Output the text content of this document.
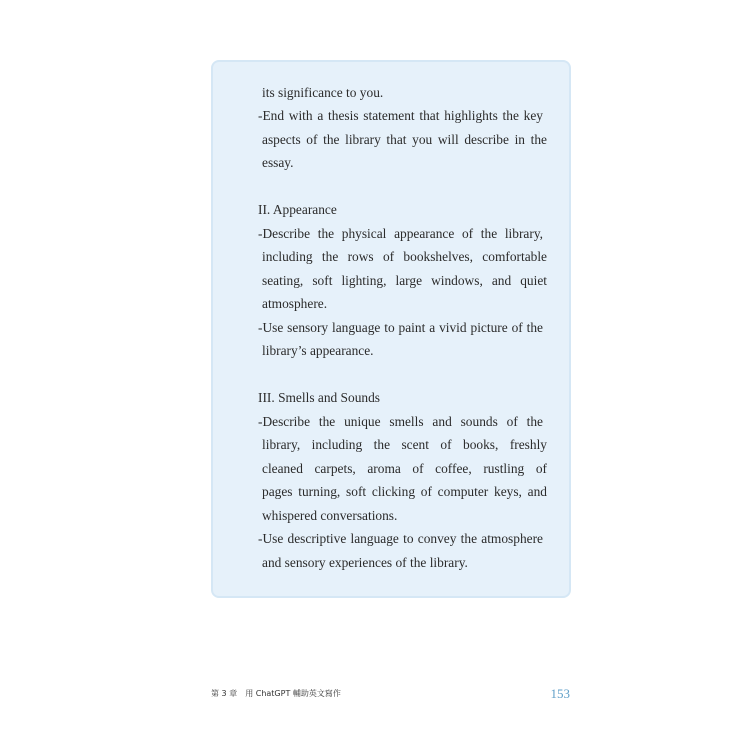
its significance to you.
-End with a thesis statement that highlights the key
aspects of the library that you will describe in the
essay.
II. Appearance
-Describe the physical appearance of the library,
including the rows of bookshelves, comfortable
seating, soft lighting, large windows, and quiet
atmosphere.
-Use sensory language to paint a vivid picture of the
library’s appearance.
III. Smells and Sounds
-Describe the unique smells and sounds of the
library, including the scent of books, freshly
cleaned carpets, aroma of coffee, rustling of
pages turning, soft clicking of computer keys, and
whispered conversations.
-Use descriptive language to convey the atmosphere
and sensory experiences of the library.
第 3 章 用 ChatGPT 輔助英文寫作	153
